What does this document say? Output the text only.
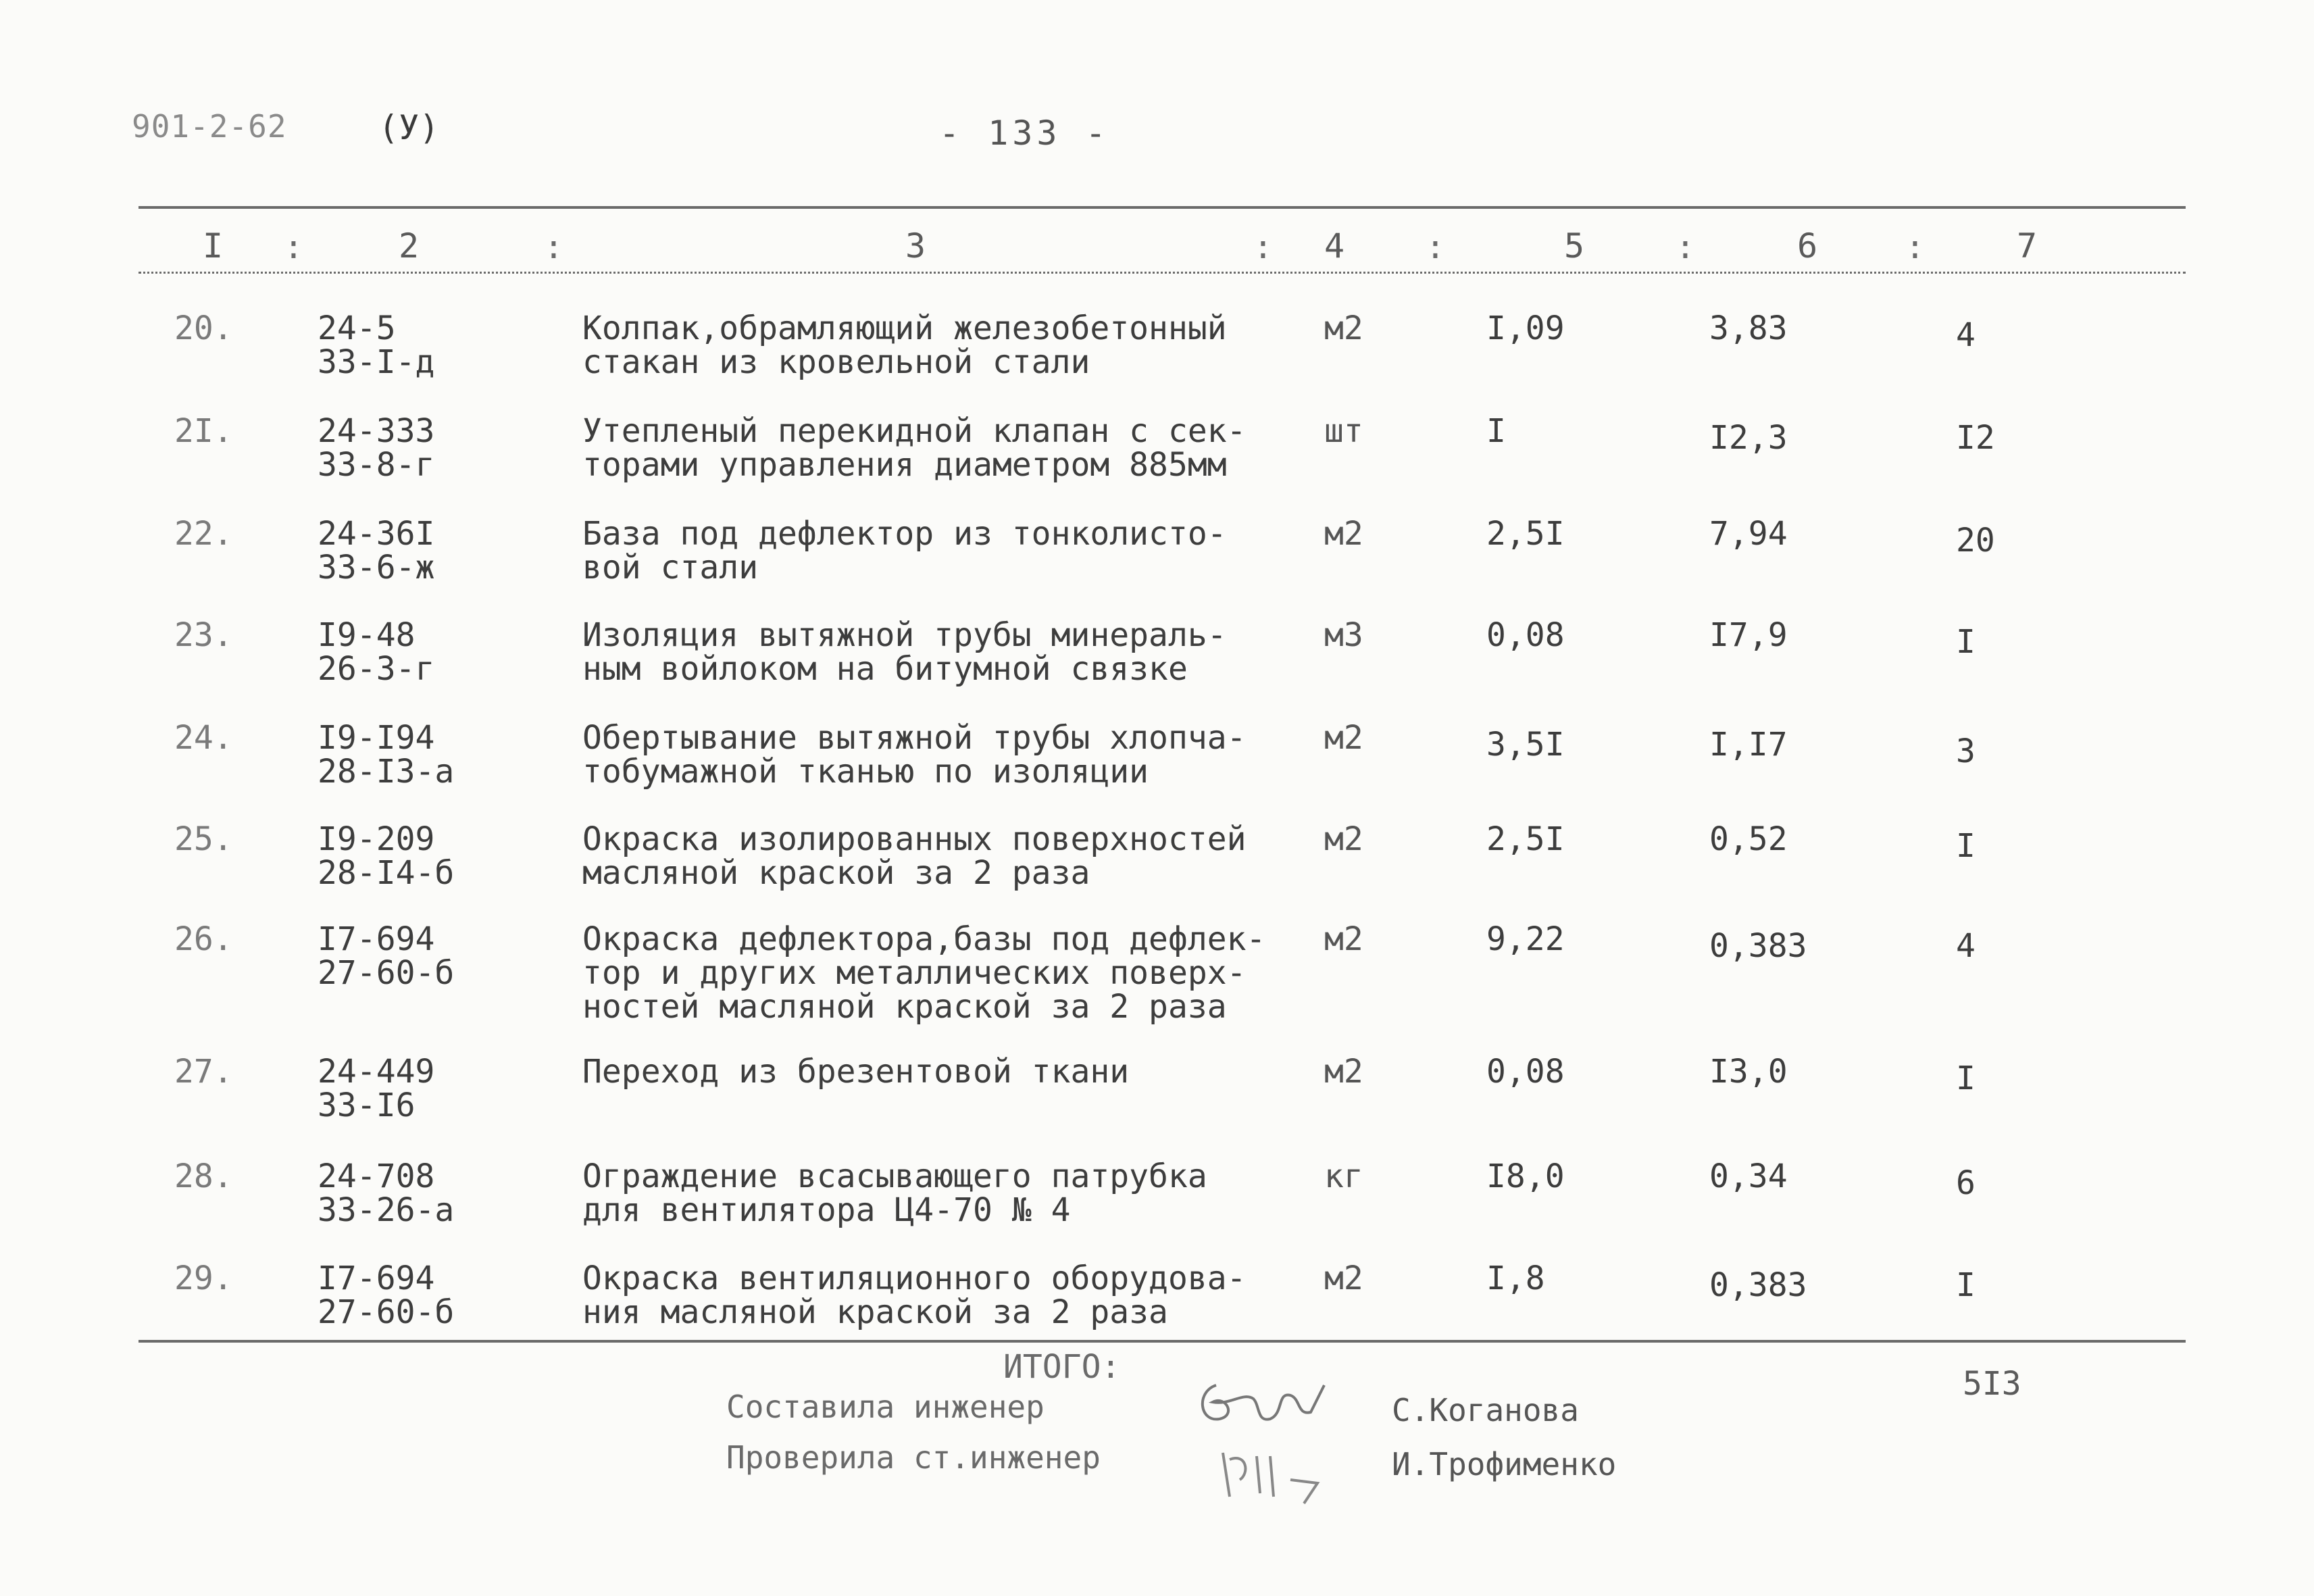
901-2-62	(У)	- 133 -
I :	2	:	3	: 4 :	5	:	6	:	7
20.	24-5
33-I-д
Колпак,обрамляющий железобетонный
стакан из кровельной стали
м2	I,09	3,83	4
2I.	24-333
33-8-г
Утепленый перекидной клапан с сек-
торами управления диаметром 885мм
шт	I	I2,3	I2
22.	24-36I
33-6-ж
База под дефлектор из тонколисто-
вой стали
м2	2,5I	7,94	20
23.	I9-48
26-3-г
Изоляция вытяжной трубы минераль-
ным войлоком на битумной связке
м3	0,08	I7,9	I
24.	I9-I94
28-I3-а
Обертывание вытяжной трубы хлопча-
тобумажной тканью по изоляции
м2	3,5I	I,I7	3
25.	I9-209
28-I4-б
Окраска изолированных поверхностей
масляной краской за 2 раза
м2	2,5I	0,52	I
26.	I7-694
27-60-б
Окраска дефлектора,базы под дефлек-
тор и других металлических поверх-
ностей масляной краской за 2 раза
м2	9,22	0,383	4
27.	24-449
33-I6
Переход из брезентовой ткани	м2	0,08	I3,0	I
28.	24-708
33-26-а
Ограждение всасывающего патрубка
для вентилятора Ц4-70 № 4
кг	I8,0	0,34	6
29.	I7-694
27-60-б
Окраска вентиляционного оборудова-
ния масляной краской за 2 раза
м2	I,8	0,383	I
ИТОГО:	5I3
Составила инженер	С.Коганова
Проверила ст.инженер	И.Трофименко
